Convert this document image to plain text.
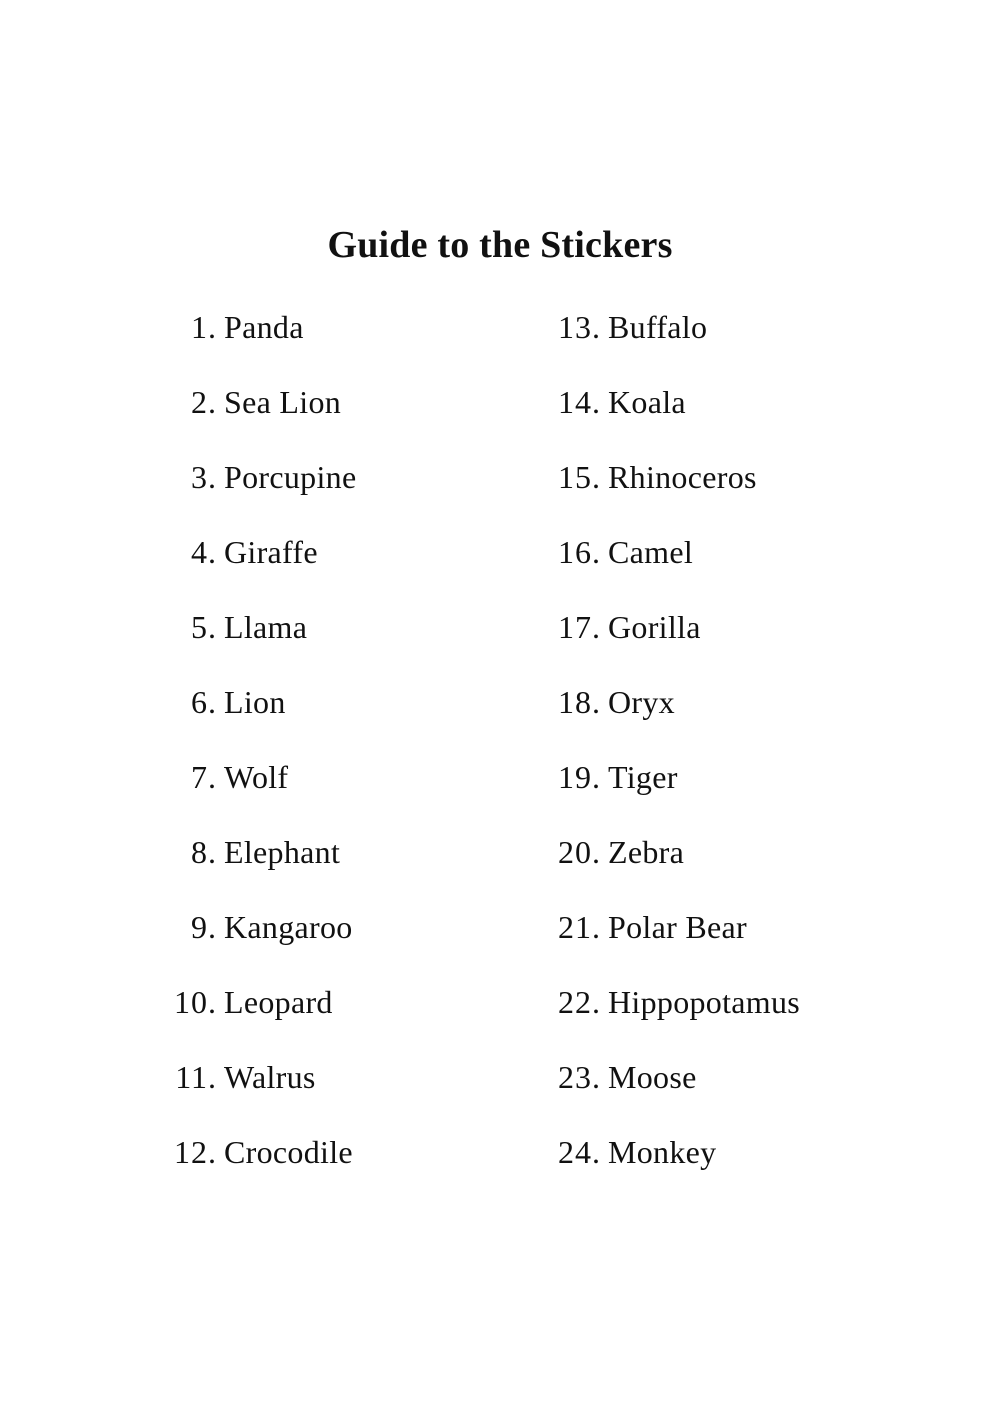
Guide to the Stickers
1. Panda
2. Sea Lion
3. Porcupine
4. Giraffe
5. Llama
6. Lion
7. Wolf
8. Elephant
9. Kangaroo
10. Leopard
11. Walrus
12. Crocodile
13. Buffalo
14. Koala
15. Rhinoceros
16. Camel
17. Gorilla
18. Oryx
19. Tiger
20. Zebra
21. Polar Bear
22. Hippopotamus
23. Moose
24. Monkey
